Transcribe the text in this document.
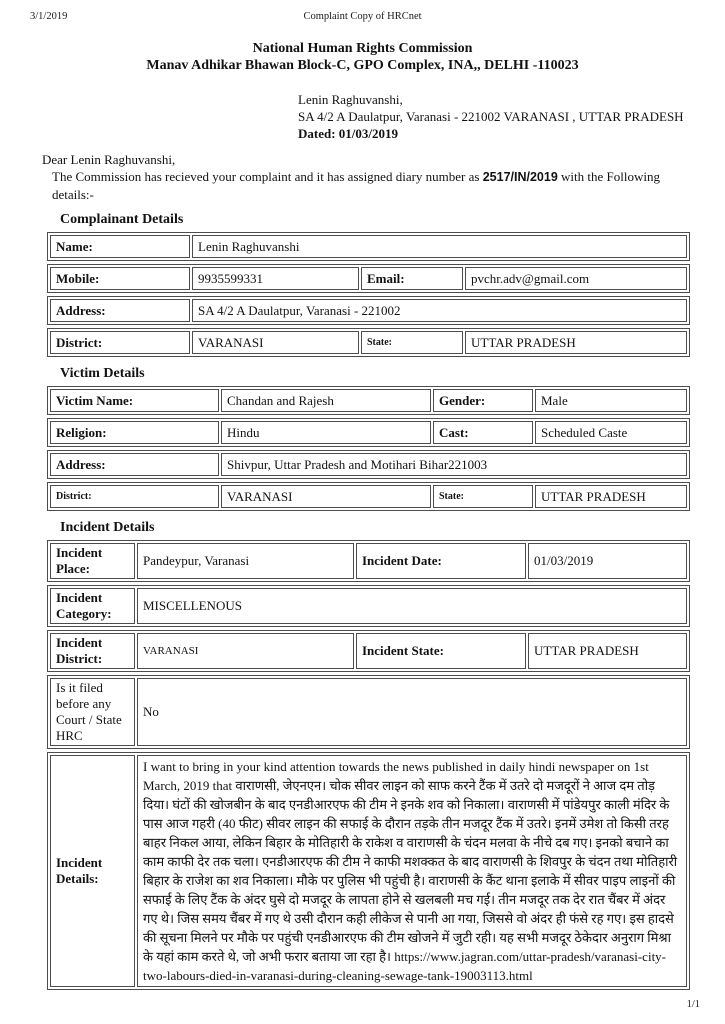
3/1/2019	Complaint Copy of HRCnet
National Human Rights Commission
Manav Adhikar Bhawan Block-C, GPO Complex, INA,, DELHI -110023
Lenin Raghuvanshi,
SA 4/2 A Daulatpur, Varanasi - 221002 VARANASI , UTTAR PRADESH
Dated: 01/03/2019
Dear Lenin Raghuvanshi,
The Commission has recieved your complaint and it has assigned diary number as 2517/IN/2019 with the Following details:-
Complainant Details
Name:	Lenin Raghuvanshi
Mobile:	9935599331	Email:	pvchr.adv@gmail.com
Address:	SA 4/2 A Daulatpur, Varanasi - 221002
District:	VARANASI	State:	UTTAR PRADESH
Victim Details
Victim Name:	Chandan and Rajesh	Gender:	Male
Religion:	Hindu	Cast:	Scheduled Caste
Address:	Shivpur, Uttar Pradesh and Motihari Bihar221003
District:	VARANASI	State:	UTTAR PRADESH
Incident Details
Incident Place:	Pandeypur, Varanasi	Incident Date:	01/03/2019
Incident Category:	MISCELLENOUS
Incident District:	VARANASI	Incident State:	UTTAR PRADESH
Is it filed before any Court / State HRC	No
Incident Details:	I want to bring in your kind attention towards the news published in daily hindi newspaper on 1st March, 2019 that वाराणसी, जेएनएन। चोक सीवर लाइन को साफ करने टैंक में उतरे दो मजदूरों ने आज दम तोड़ दिया। घंटों की खोजबीन के बाद एनडीआरएफ की टीम ने इनके शव को निकाला। वाराणसी में पांडेयपुर काली मंदिर के पास आज गहरी (40 फीट) सीवर लाइन की सफाई के दौरान तड़के तीन मजदूर टैंक में उतरे। इनमें उमेश तो किसी तरह बाहर निकल आया, लेकिन बिहार के मोतिहारी के राकेश व वाराणसी के चंदन मलवा के नीचे दब गए। इनको बचाने का काम काफी देर तक चला। एनडीआरएफ की टीम ने काफी मशक्कत के बाद वाराणसी के शिवपुर के चंदन तथा मोतिहारी बिहार के राजेश का शव निकाला। मौके पर पुलिस भी पहुंची है। वाराणसी के कैंट थाना इलाके में सीवर पाइप लाइनों की सफाई के लिए टैंक के अंदर घुसे दो मजदूर के लापता होने से खलबली मच गई। तीन मजदूर तक देर रात चैंबर में अंदर गए थे। जिस समय चैंबर में गए थे उसी दौरान कही लीकेज से पानी आ गया, जिससे वो अंदर ही फंसे रह गए। इस हादसे की सूचना मिलने पर मौके पर पहुंची एनडीआरएफ की टीम खोजने में जुटी रही। यह सभी मजदूर ठेकेदार अनुराग मिश्रा के यहां काम करते थे, जो अभी फरार बताया जा रहा है। https://www.jagran.com/uttar-pradesh/varanasi-city-two-labours-died-in-varanasi-during-cleaning-sewage-tank-19003113.html
1/1
